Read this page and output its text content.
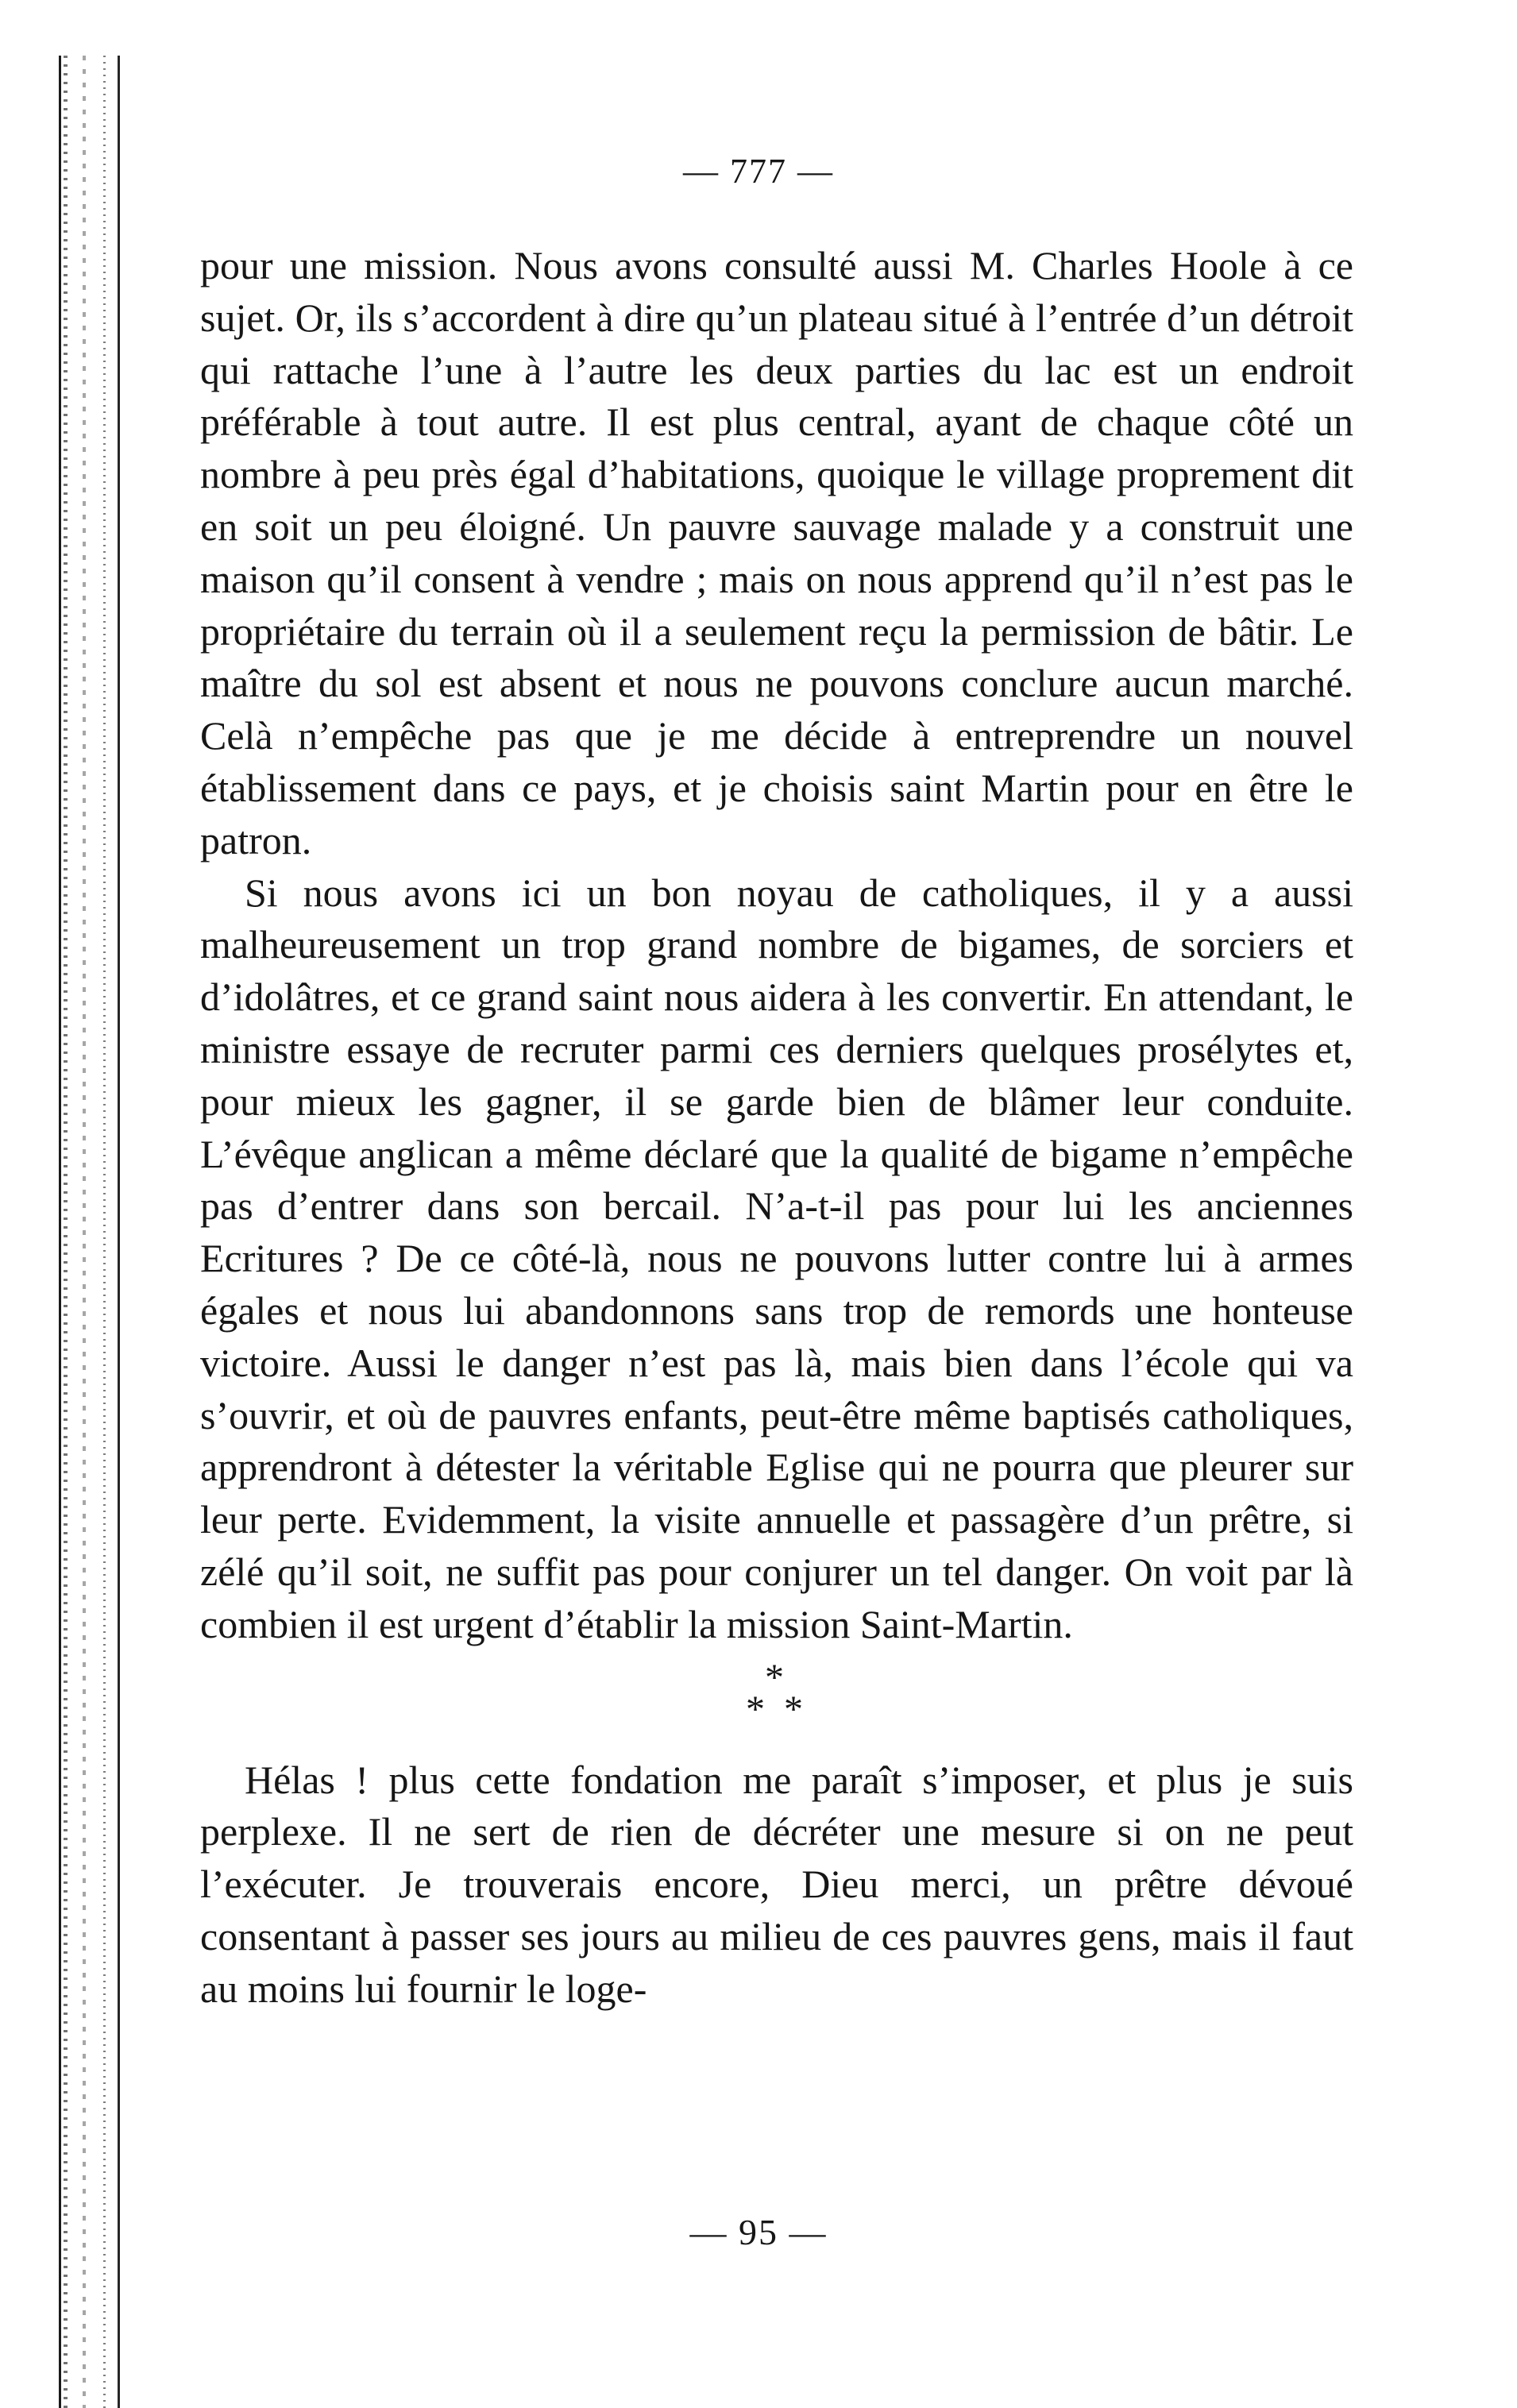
— 777 —

pour une mission. Nous avons consulté aussi M. Charles Hoole à ce sujet. Or, ils s’accordent à dire qu’un plateau situé à l’entrée d’un détroit qui rattache l’une à l’autre les deux parties du lac est un endroit préférable à tout autre. Il est plus central, ayant de chaque côté un nombre à peu près égal d’habitations, quoique le village proprement dit en soit un peu éloigné. Un pauvre sauvage malade y a construit une maison qu’il consent à vendre ; mais on nous apprend qu’il n’est pas le propriétaire du terrain où il a seulement reçu la permission de bâtir. Le maître du sol est absent et nous ne pouvons conclure aucun marché. Celà n’empêche pas que je me décide à entreprendre un nouvel établissement dans ce pays, et je choisis saint Martin pour en être le patron.

Si nous avons ici un bon noyau de catholiques, il y a aussi malheureusement un trop grand nombre de bigames, de sorciers et d’idolâtres, et ce grand saint nous aidera à les convertir. En attendant, le ministre essaye de recruter parmi ces derniers quelques prosélytes et, pour mieux les gagner, il se garde bien de blâmer leur conduite. L’évêque anglican a même déclaré que la qualité de bigame n’empêche pas d’entrer dans son bercail. N’a-t-il pas pour lui les anciennes Ecritures ? De ce côté-là, nous ne pouvons lutter contre lui à armes égales et nous lui abandonnons sans trop de remords une honteuse victoire. Aussi le danger n’est pas là, mais bien dans l’école qui va s’ouvrir, et où de pauvres enfants, peut-être même baptisés catholiques, apprendront à détester la véritable Eglise qui ne pourra que pleurer sur leur perte. Evidemment, la visite annuelle et passagère d’un prêtre, si zélé qu’il soit, ne suffit pas pour conjurer un tel danger. On voit par là combien il est urgent d’établir la mission Saint-Martin.

*
* *

Hélas ! plus cette fondation me paraît s’imposer, et plus je suis perplexe. Il ne sert de rien de décréter une mesure si on ne peut l’exécuter. Je trouverais encore, Dieu merci, un prêtre dévoué consentant à passer ses jours au milieu de ces pauvres gens, mais il faut au moins lui fournir le loge-

— 95 —
